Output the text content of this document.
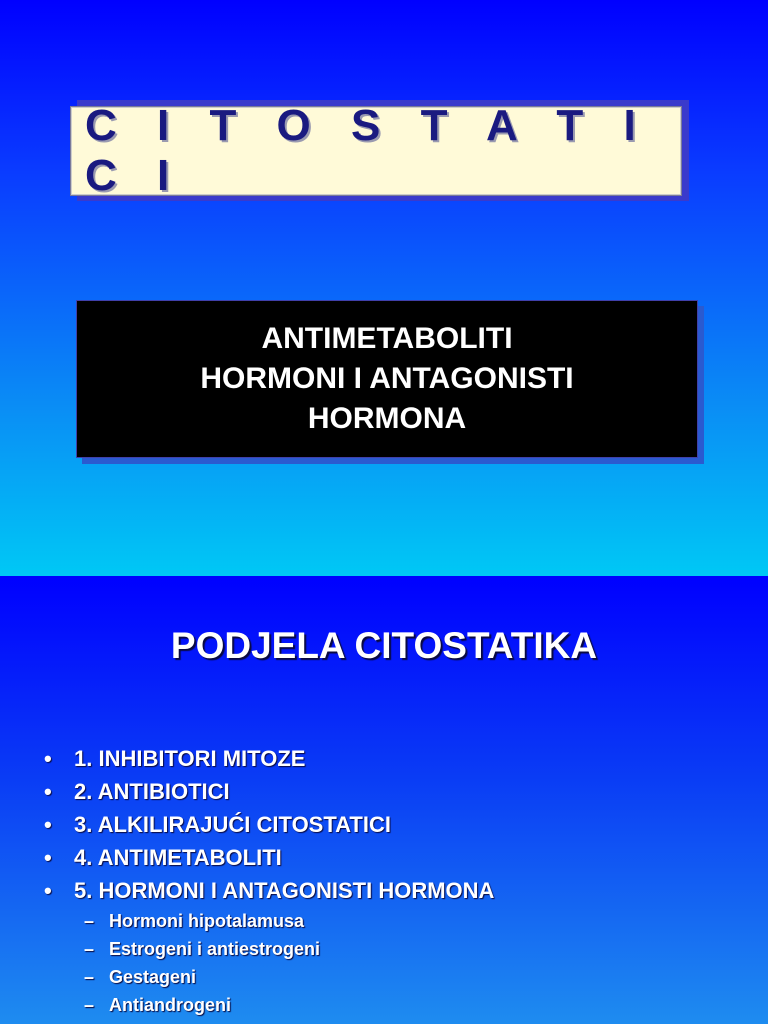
C I T O S T A T I C I
ANTIMETABOLITI
HORMONI I ANTAGONISTI
HORMONA
PODJELA CITOSTATIKA
• 1. INHIBITORI MITOZE
• 2. ANTIBIOTICI
• 3. ALKILIRAJUĆI CITOSTATICI
• 4. ANTIMETABOLITI
• 5. HORMONI I ANTAGONISTI HORMONA
– Hormoni hipotalamusa
– Estrogeni i antiestrogeni
– Gestageni
– Antiandrogeni
